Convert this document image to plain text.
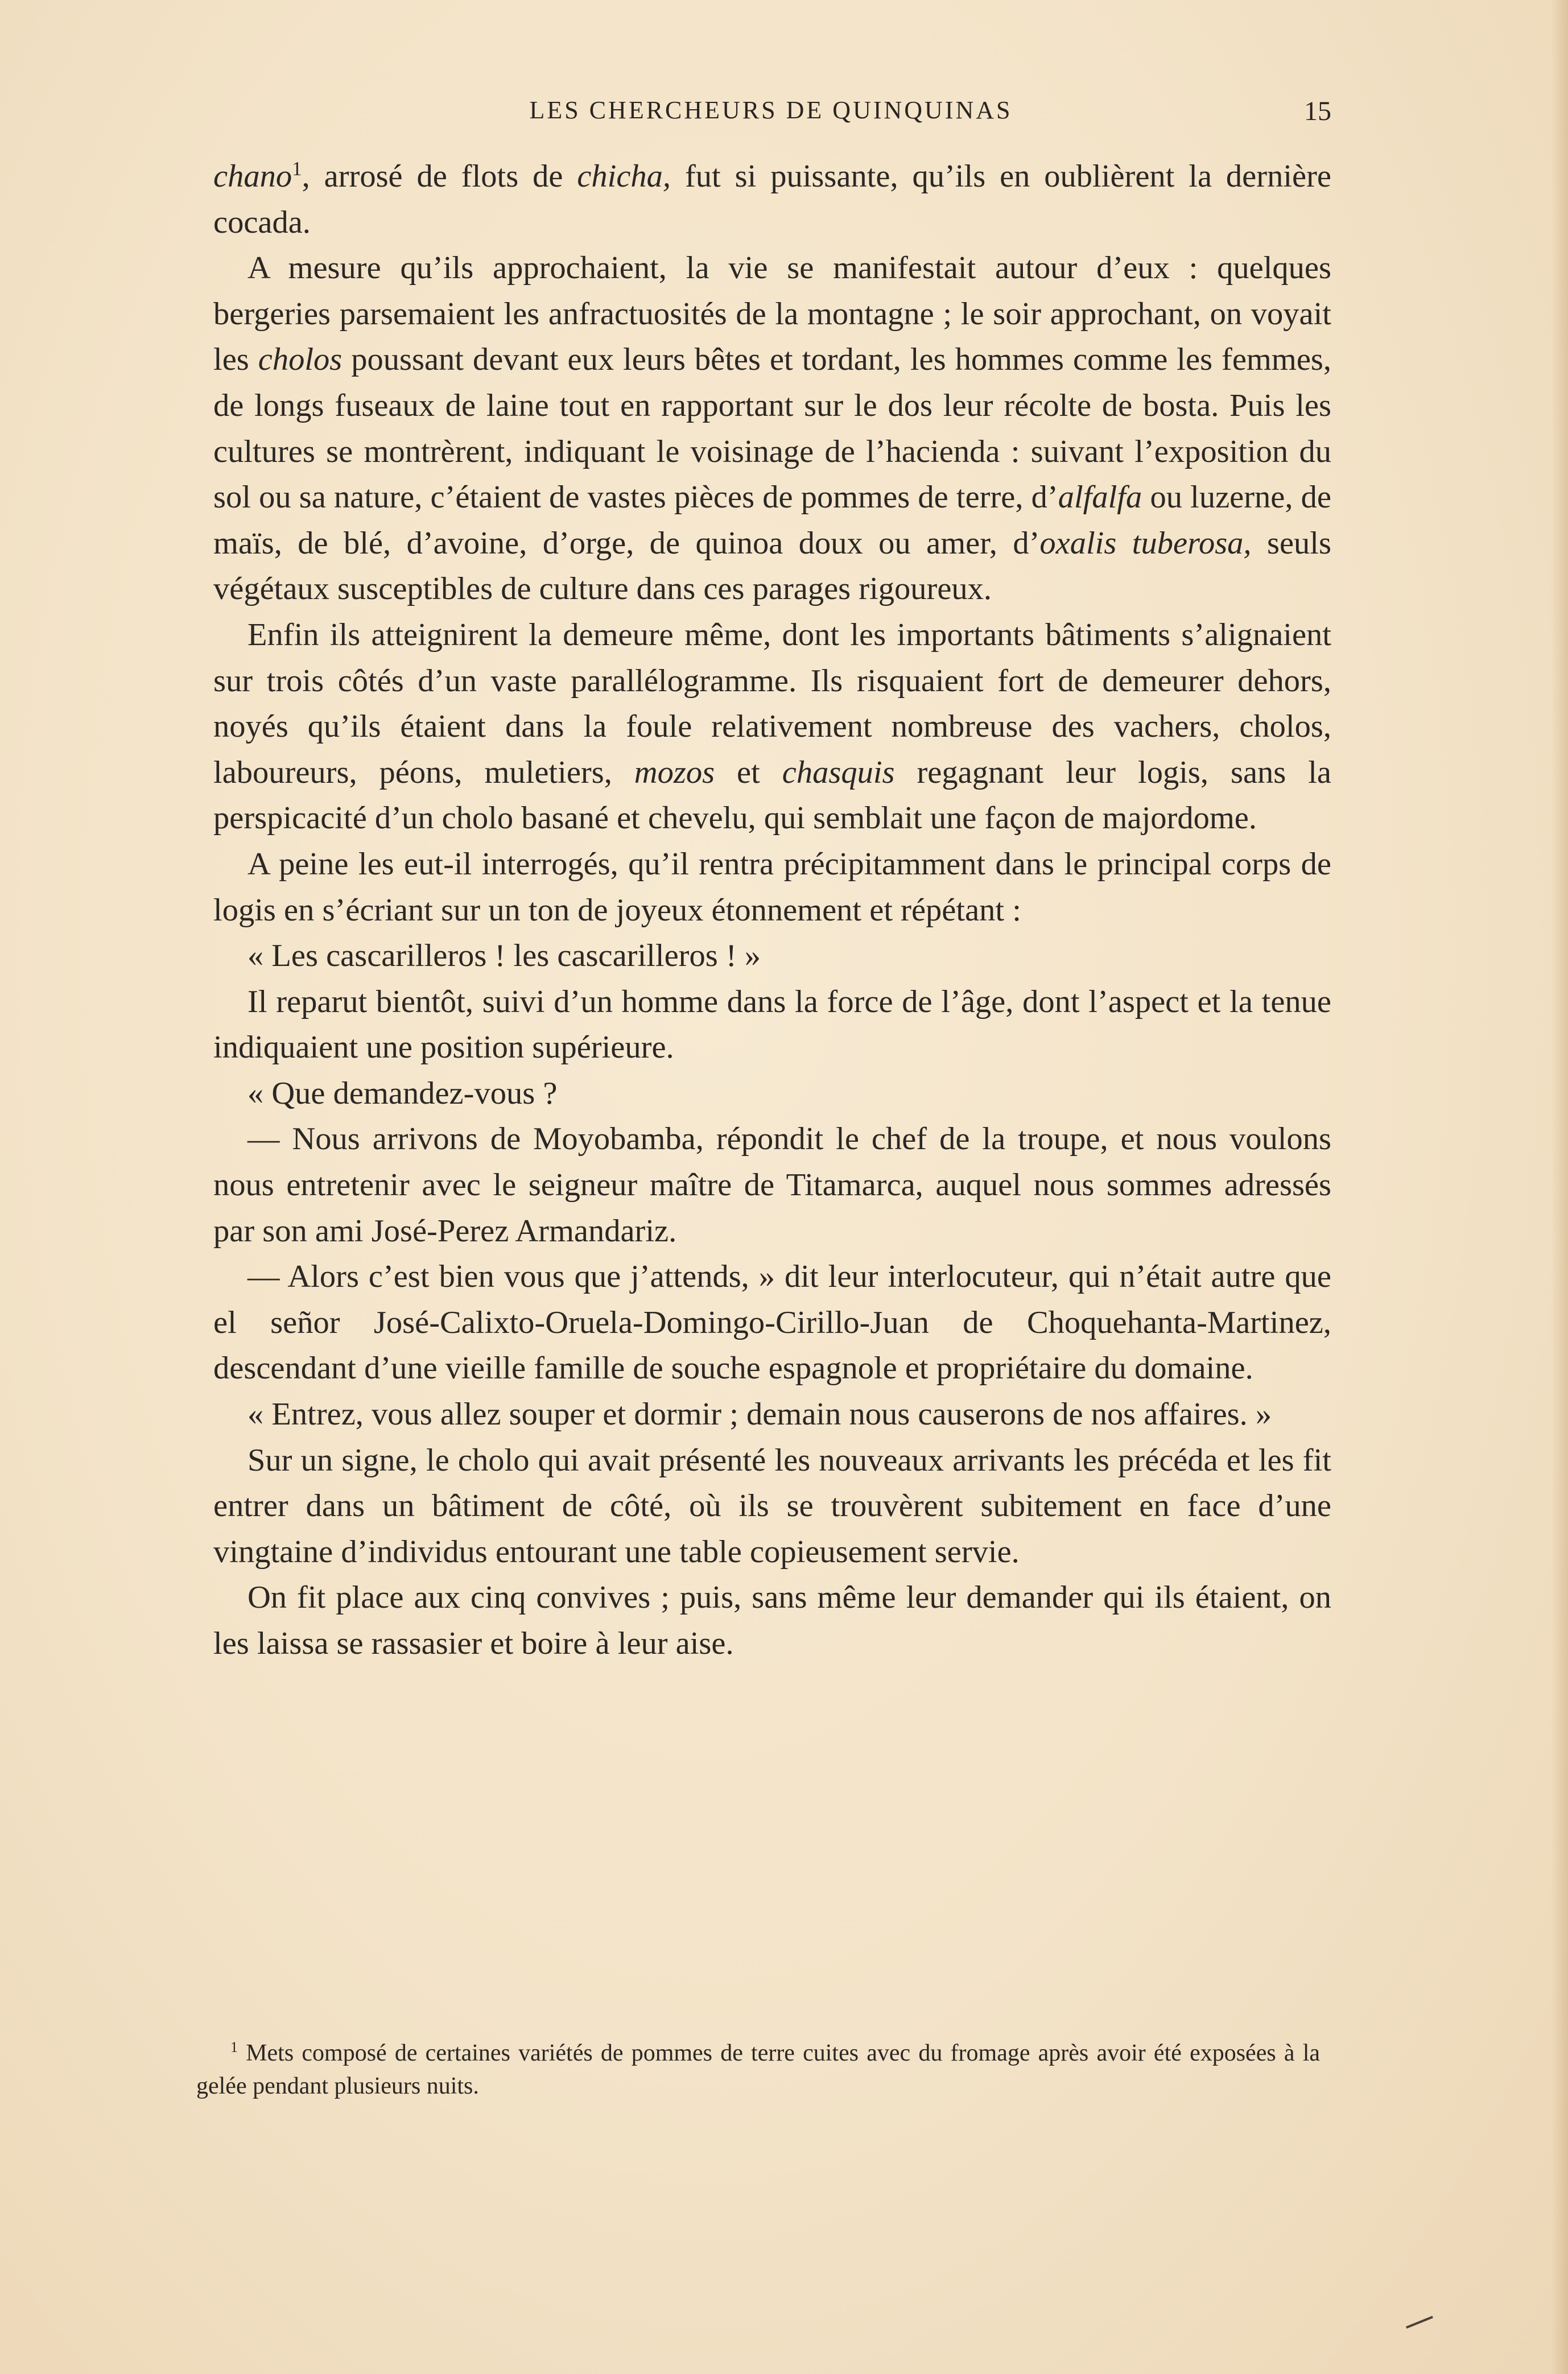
LES CHERCHEURS DE QUINQUINAS	15

chano$^1$, arrosé de flots de chicha, fut si puissante, qu’ils en oublièrent la dernière cocada.

A mesure qu’ils approchaient, la vie se manifestait autour d’eux : quelques bergeries parsemaient les anfractuosités de la montagne ; le soir approchant, on voyait les cholos poussant devant eux leurs bêtes et tordant, les hommes comme les femmes, de longs fuseaux de laine tout en rapportant sur le dos leur récolte de bosta. Puis les cultures se montrèrent, indiquant le voisinage de l’hacienda : suivant l’exposition du sol ou sa nature, c’étaient de vastes pièces de pommes de terre, d’alfalfa ou luzerne, de maïs, de blé, d’avoine, d’orge, de quinoa doux ou amer, d’oxalis tuberosa, seuls végétaux susceptibles de culture dans ces parages rigoureux.

Enfin ils atteignirent la demeure même, dont les importants bâtiments s’alignaient sur trois côtés d’un vaste parallélogramme. Ils risquaient fort de demeurer dehors, noyés qu’ils étaient dans la foule relativement nombreuse des vachers, cholos, laboureurs, péons, muletiers, mozos et chasquis regagnant leur logis, sans la perspicacité d’un cholo basané et chevelu, qui semblait une façon de majordome.

A peine les eut-il interrogés, qu’il rentra précipitamment dans le principal corps de logis en s’écriant sur un ton de joyeux étonnement et répétant :

« Les cascarilleros ! les cascarilleros ! »

Il reparut bientôt, suivi d’un homme dans la force de l’âge, dont l’aspect et la tenue indiquaient une position supérieure.

« Que demandez-vous ?

— Nous arrivons de Moyobamba, répondit le chef de la troupe, et nous voulons nous entretenir avec le seigneur maître de Titamarca, auquel nous sommes adressés par son ami José-Perez Armandariz.

— Alors c’est bien vous que j’attends, » dit leur interlocuteur, qui n’était autre que el señor José-Calixto-Oruela-Domingo-Cirillo-Juan de Choquehanta-Martinez, descendant d’une vieille famille de souche espagnole et propriétaire du domaine.

« Entrez, vous allez souper et dormir ; demain nous causerons de nos affaires. »

Sur un signe, le cholo qui avait présenté les nouveaux arrivants les précéda et les fit entrer dans un bâtiment de côté, où ils se trouvèrent subitement en face d’une vingtaine d’individus entourant une table copieusement servie.

On fit place aux cinq convives ; puis, sans même leur demander qui ils étaient, on les laissa se rassasier et boire à leur aise.

$^1$ Mets composé de certaines variétés de pommes de terre cuites avec du fromage après avoir été exposées à la gelée pendant plusieurs nuits.
